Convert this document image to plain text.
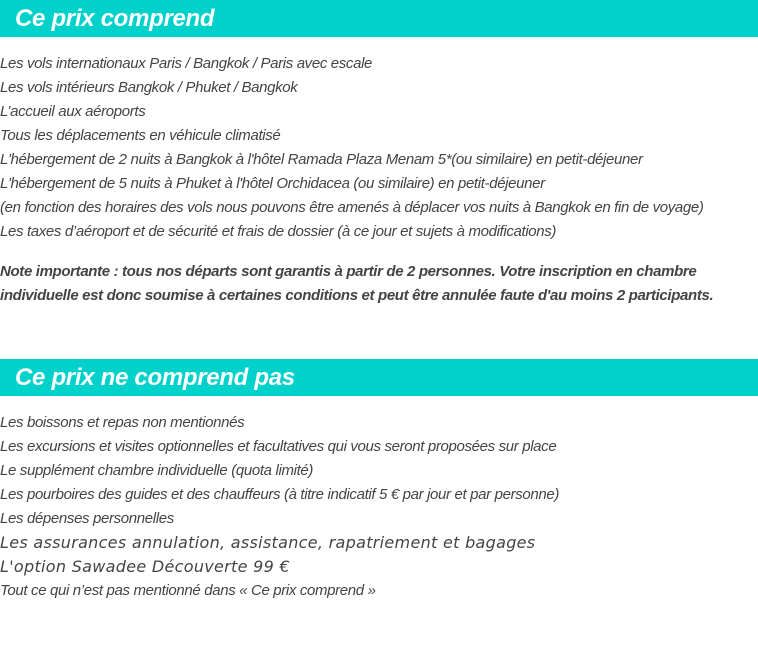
Ce prix comprend
Les vols internationaux Paris / Bangkok / Paris avec escale
Les vols intérieurs Bangkok / Phuket / Bangkok
L’accueil aux aéroports
Tous les déplacements en véhicule climatisé
L'hébergement de 2 nuits à Bangkok à l'hôtel Ramada Plaza Menam 5*(ou similaire) en petit-déjeuner
L'hébergement de 5 nuits à Phuket à l'hôtel Orchidacea (ou similaire) en petit-déjeuner
(en fonction des horaires des vols nous pouvons être amenés à déplacer vos nuits à Bangkok en fin de voyage)
Les taxes d’aéroport et de sécurité et frais de dossier (à ce jour et sujets à modifications)

Note importante : tous nos départs sont garantis à partir de 2 personnes. Votre inscription en chambre individuelle est donc soumise à certaines conditions et peut être annulée faute d'au moins 2 participants.

Ce prix ne comprend pas
Les boissons et repas non mentionnés
Les excursions et visites optionnelles et facultatives qui vous seront proposées sur place
Le supplément chambre individuelle (quota limité)
Les pourboires des guides et des chauffeurs (à titre indicatif 5 € par jour et par personne)
Les dépenses personnelles
Les assurances annulation, assistance, rapatriement et bagages
L'option Sawadee Découverte 99 €
Tout ce qui n’est pas mentionné dans « Ce prix comprend »
